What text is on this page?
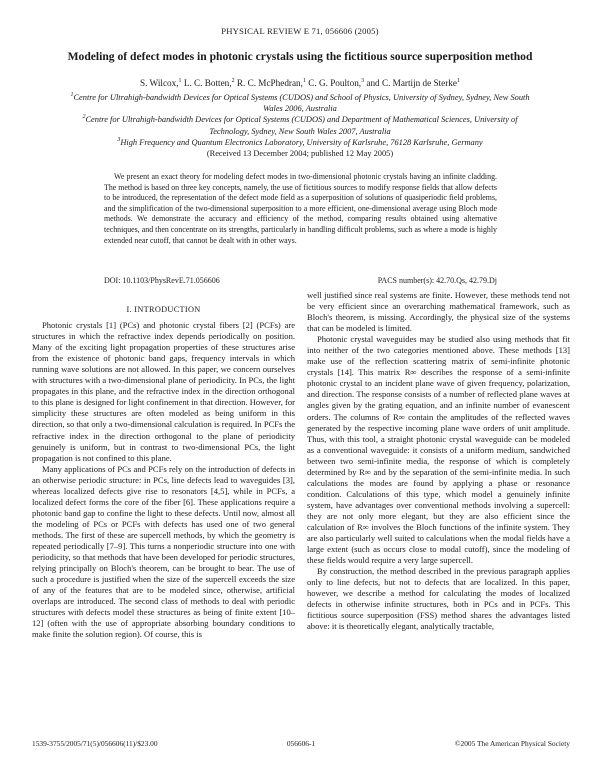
PHYSICAL REVIEW E 71, 056606 (2005)
Modeling of defect modes in photonic crystals using the fictitious source superposition method
S. Wilcox,$^1$ L. C. Botten,$^2$ R. C. McPhedran,$^1$ C. G. Poulton,$^3$ and C. Martijn de Sterke$^1$
$^1$Centre for Ultrahigh-bandwidth Devices for Optical Systems (CUDOS) and School of Physics, University of Sydney, Sydney, New South Wales 2006, Australia
$^2$Centre for Ultrahigh-bandwidth Devices for Optical Systems (CUDOS) and Department of Mathematical Sciences, University of Technology, Sydney, New South Wales 2007, Australia
$^3$High Frequency and Quantum Electronics Laboratory, University of Karlsruhe, 76128 Karlsruhe, Germany
(Received 13 December 2004; published 12 May 2005)
We present an exact theory for modeling defect modes in two-dimensional photonic crystals having an infinite cladding. The method is based on three key concepts, namely, the use of fictitious sources to modify response fields that allow defects to be introduced, the representation of the defect mode field as a superposition of solutions of quasiperiodic field problems, and the simplification of the two-dimensional superposition to a more efficient, one-dimensional average using Bloch mode methods. We demonstrate the accuracy and efficiency of the method, comparing results obtained using alternative techniques, and then concentrate on its strengths, particularly in handling difficult problems, such as where a mode is highly extended near cutoff, that cannot be dealt with in other ways.
DOI: 10.1103/PhysRevE.71.056606	PACS number(s): 42.70.Qs, 42.79.Dj
I. INTRODUCTION

Photonic crystals [1] (PCs) and photonic crystal fibers [2] (PCFs) are structures in which the refractive index depends periodically on position. Many of the exciting light propagation properties of these structures arise from the existence of photonic band gaps, frequency intervals in which running wave solutions are not allowed. In this paper, we concern ourselves with structures with a two-dimensional plane of periodicity. In PCs, the light propagates in this plane, and the refractive index in the direction orthogonal to this plane is designed for light confinement in that direction. However, for simplicity these structures are often modeled as being uniform in this direction, so that only a two-dimensional calculation is required. In PCFs the refractive index in the direction orthogonal to the plane of periodicity genuinely is uniform, but in contrast to two-dimensional PCs, the light propagation is not confined to this plane.

Many applications of PCs and PCFs rely on the introduction of defects in an otherwise periodic structure: in PCs, line defects lead to waveguides [3], whereas localized defects give rise to resonators [4,5], while in PCFs, a localized defect forms the core of the fiber [6]. These applications require a photonic band gap to confine the light to these defects. Until now, almost all the modeling of PCs or PCFs with defects has used one of two general methods. The first of these are supercell methods, by which the geometry is repeated periodically [7–9]. This turns a nonperiodic structure into one with periodicity, so that methods that have been developed for periodic structures, relying principally on Bloch's theorem, can be brought to bear. The use of such a procedure is justified when the size of the supercell exceeds the size of any of the features that are to be modeled since, otherwise, artificial overlaps are introduced. The second class of methods to deal with periodic structures with defects model these structures as being of finite extent [10–12] (often with the use of appropriate absorbing boundary conditions to make finite the solution region). Of course, this is

well justified since real systems are finite. However, these methods tend not be very efficient since an overarching mathematical framework, such as Bloch's theorem, is missing. Accordingly, the physical size of the systems that can be modeled is limited.

Photonic crystal waveguides may be studied also using methods that fit into neither of the two categories mentioned above. These methods [13] make use of the reflection scattering matrix of semi-infinite photonic crystals [14]. This matrix R∞ describes the response of a semi-infinite photonic crystal to an incident plane wave of given frequency, polarization, and direction. The response consists of a number of reflected plane waves at angles given by the grating equation, and an infinite number of evanescent orders. The columns of R∞ contain the amplitudes of the reflected waves generated by the respective incoming plane wave orders of unit amplitude. Thus, with this tool, a straight photonic crystal waveguide can be modeled as a conventional waveguide: it consists of a uniform medium, sandwiched between two semi-infinite media, the response of which is completely determined by R∞ and by the separation of the semi-infinite media. In such calculations the modes are found by applying a phase or resonance condition. Calculations of this type, which model a genuinely infinite system, have advantages over conventional methods involving a supercell: they are not only more elegant, but they are also efficient since the calculation of R∞ involves the Bloch functions of the infinite system. They are also particularly well suited to calculations when the modal fields have a large extent (such as occurs close to modal cutoff), since the modeling of these fields would require a very large supercell.

By construction, the method described in the previous paragraph applies only to line defects, but not to defects that are localized. In this paper, however, we describe a method for calculating the modes of localized defects in otherwise infinite structures, both in PCs and in PCFs. This fictitious source superposition (FSS) method shares the advantages listed above: it is theoretically elegant, analytically tractable,

1539-3755/2005/71(5)/056606(11)/$23.00	056606-1	©2005 The American Physical Society
